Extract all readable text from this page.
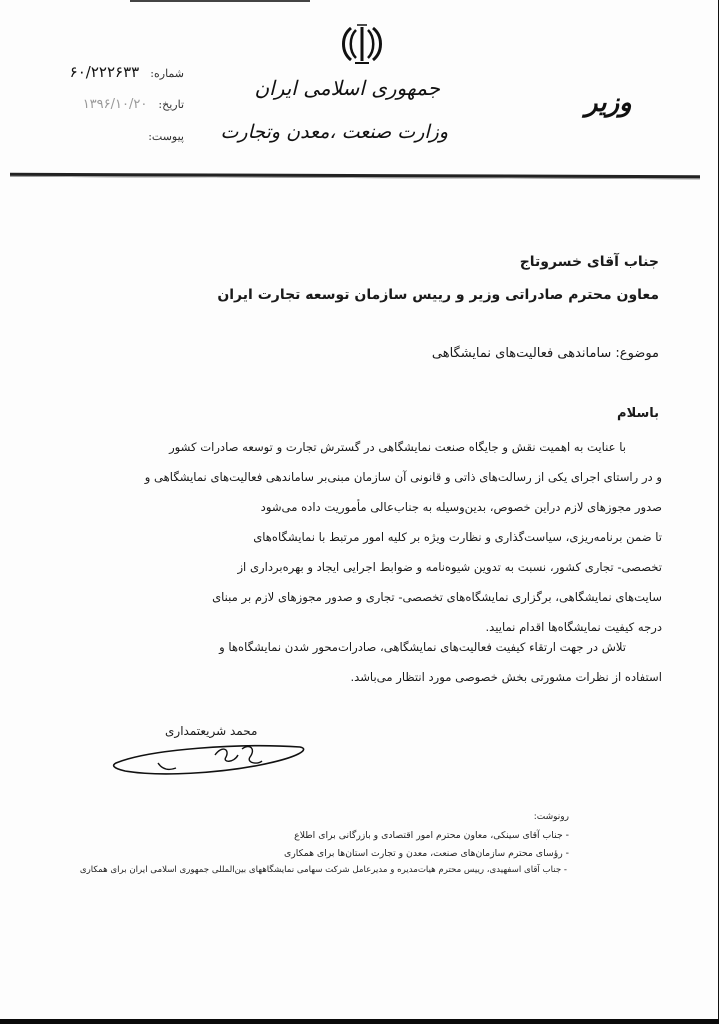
جمهوری اسلامی ایران
وزارت صنعت ،معدن وتجارت
وزیر
شماره: ۶۰/۲۲۲۶۳۳
تاریخ: ۱۳۹۶/۱۰/۲۰
پیوست:
جناب آقای خسروتاج
معاون محترم صادراتی وزیر و رییس سازمان توسعه تجارت ایران
موضوع: ساماندهی فعالیت‌های نمایشگاهی
باسلام
با عنایت به اهمیت نقش و جایگاه صنعت نمایشگاهی در گسترش تجارت و توسعه صادرات کشور
و در راستای اجرای یکی از رسالت‌های ذاتی و قانونی آن سازمان مبنی‌بر ساماندهی فعالیت‌های نمایشگاهی و
صدور مجوزهای لازم دراین خصوص، بدین‌وسیله به جناب‌عالی مأموریت داده می‌شود
تا ضمن برنامه‌ریزی، سیاست‌گذاری و نظارت ویژه بر کلیه امور مرتبط با نمایشگاه‌های
تخصصی- تجاری کشور، نسبت به تدوین شیوه‌نامه و ضوابط اجرایی ایجاد و بهره‌برداری از
سایت‌های نمایشگاهی، برگزاری نمایشگاه‌های تخصصی- تجاری و صدور مجوزهای لازم بر مبنای
درجه کیفیت نمایشگاه‌ها اقدام نمایید.
تلاش در جهت ارتقاء کیفیت فعالیت‌های نمایشگاهی، صادرات‌محور شدن نمایشگاه‌ها و
استفاده از نظرات مشورتی بخش خصوصی مورد انتظار می‌باشد.
محمد شریعتمداری
رونوشت:
- جناب آقای سینکی، معاون محترم امور اقتصادی و بازرگانی برای اطلاع
- رؤسای محترم سازمان‌های صنعت، معدن و تجارت استان‌ها برای همکاری
- جناب آقای اسفهیدی، رییس محترم هیات‌مدیره و مدیرعامل شرکت سهامی نمایشگاههای بین‌المللی جمهوری اسلامی ایران برای همکاری
